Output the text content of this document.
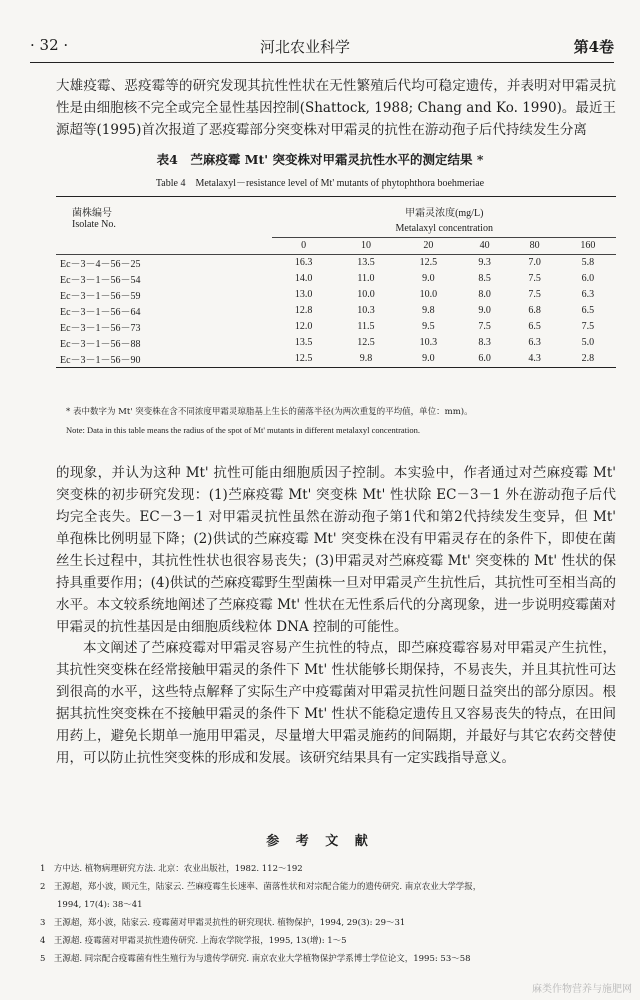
· 32 ·	河北农业科学	第4卷
大雄疫霉、恶疫霉等的研究发现其抗性性状在无性繁殖后代均可稳定遗传，并表明对甲霜灵抗性是由细胞核不完全或完全显性基因控制(Shattock, 1988; Chang and Ko. 1990)。最近王源超等(1995)首次报道了恶疫霉部分突变株对甲霜灵的抗性在游动孢子后代持续发生分离
表4　苎麻疫霉 Mt' 突变株对甲霜灵抗性水平的测定结果 *
Table 4　Metalaxyl－resistance level of Mt' mutants of phytophthora boehmeriae
菌株编号
Isolate No.	甲霜灵浓度(mg/L)					
	Metalaxyl concentration					
	0	10	20	40	80	160
Ec－3－4－56－25	16.3	13.5	12.5	9.3	7.0	5.8
Ec－3－1－56－54	14.0	11.0	9.0	8.5	7.5	6.0
Ec－3－1－56－59	13.0	10.0	10.0	8.0	7.5	6.3
Ec－3－1－56－64	12.8	10.3	9.8	9.0	6.8	6.5
Ec－3－1－56－73	12.0	11.5	9.5	7.5	6.5	7.5
Ec－3－1－56－88	13.5	12.5	10.3	8.3	6.3	5.0
Ec－3－1－56－90	12.5	9.8	9.0	6.0	4.3	2.8
* 表中数字为 Mt' 突变株在含不同浓度甲霜灵琼脂基上生长的菌落半径(为两次重复的平均值，单位：mm)。
Note: Data in this table means the radius of the spot of Mt' mutants in different metalaxyl concentration.
的现象，并认为这种 Mt' 抗性可能由细胞质因子控制。本实验中，作者通过对苎麻疫霉 Mt' 突变株的初步研究发现：(1)苎麻疫霉 Mt' 突变株 Mt' 性状除 EC－3－1 外在游动孢子后代均完全丧失。EC－3－1 对甲霜灵抗性虽然在游动孢子第1代和第2代持续发生变异，但 Mt' 单孢株比例明显下降；(2)供试的苎麻疫霉 Mt' 突变株在没有甲霜灵存在的条件下，即使在菌丝生长过程中，其抗性性状也很容易丧失；(3)甲霜灵对苎麻疫霉 Mt' 突变株的 Mt' 性状的保持具重要作用；(4)供试的苎麻疫霉野生型菌株一旦对甲霜灵产生抗性后，其抗性可至相当高的水平。本文较系统地阐述了苎麻疫霉 Mt' 性状在无性系后代的分离现象，进一步说明疫霉菌对甲霜灵的抗性基因是由细胞质线粒体 DNA 控制的可能性。
本文阐述了苎麻疫霉对甲霜灵容易产生抗性的特点，即苎麻疫霉容易对甲霜灵产生抗性，其抗性突变株在经常接触甲霜灵的条件下 Mt' 性状能够长期保持，不易丧失，并且其抗性可达到很高的水平，这些特点解释了实际生产中疫霉菌对甲霜灵抗性问题日益突出的部分原因。根据其抗性突变株在不接触甲霜灵的条件下 Mt' 性状不能稳定遗传且又容易丧失的特点，在田间用药上，避免长期单一施用甲霜灵，尽量增大甲霜灵施药的间隔期，并最好与其它农药交替使用，可以防止抗性突变株的形成和发展。该研究结果具有一定实践指导意义。
参 考 文 献
1　方中达. 植物病理研究方法. 北京：农业出版社，1982. 112～192
2　王源超，郑小波，顾元生，陆家云. 苎麻疫霉生长速率、菌落性状和对宗配合能力的遗传研究. 南京农业大学学报，
　　1994, 17(4): 38～41
3　王源超，郑小波，陆家云. 疫霉菌对甲霜灵抗性的研究现状. 植物保护，1994, 29(3): 29～31
4　王源超. 疫霉菌对甲霜灵抗性遗传研究. 上海农学院学报，1995, 13(增): 1～5
5　王源超. 同宗配合疫霉菌有性生殖行为与遗传学研究. 南京农业大学植物保护学系博士学位论文，1995: 53～58
麻类作物营养与施肥网
